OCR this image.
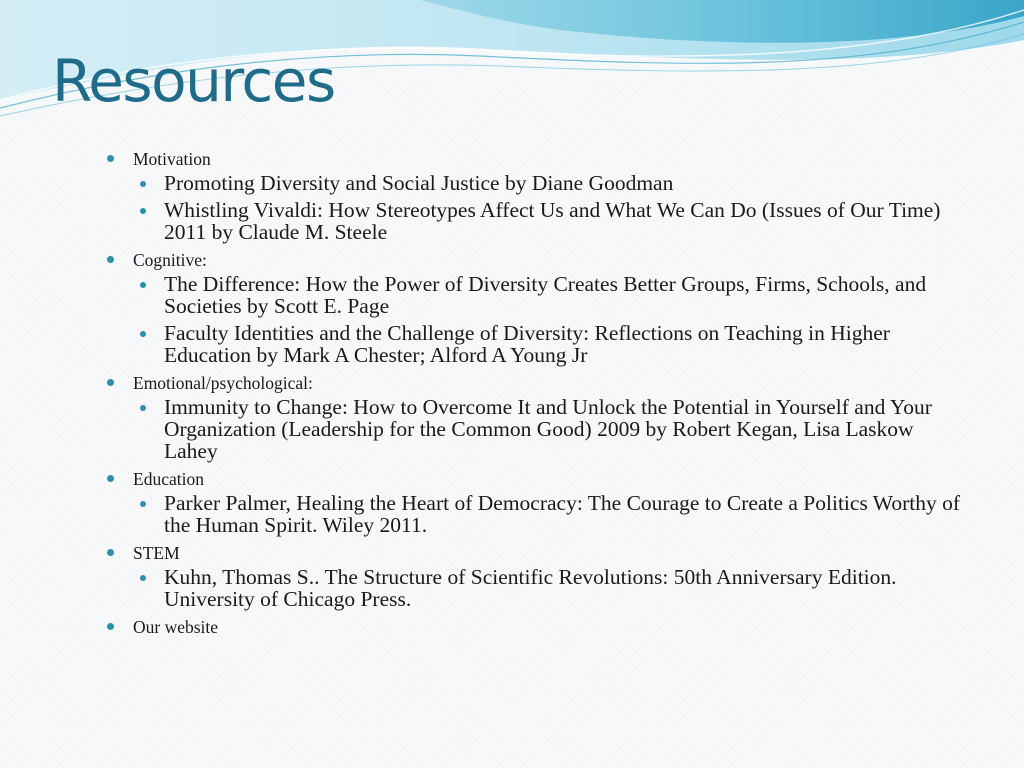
Resources
Motivation
Promoting Diversity and Social Justice by Diane Goodman
Whistling Vivaldi: How Stereotypes Affect Us and What We Can Do (Issues of Our Time) 2011 by Claude M. Steele
Cognitive:
The Difference: How the Power of Diversity Creates Better Groups, Firms, Schools, and Societies by Scott E. Page
Faculty Identities and the Challenge of Diversity: Reflections on Teaching in Higher Education by Mark A Chester; Alford A Young Jr
Emotional/psychological:
Immunity to Change: How to Overcome It and Unlock the Potential in Yourself and Your Organization (Leadership for the Common Good) 2009 by Robert Kegan, Lisa Laskow Lahey
Education
Parker Palmer, Healing the Heart of Democracy: The Courage to Create a Politics Worthy of the Human Spirit. Wiley 2011.
STEM
Kuhn, Thomas S.. The Structure of Scientific Revolutions: 50th Anniversary Edition. University of Chicago Press.
Our website
